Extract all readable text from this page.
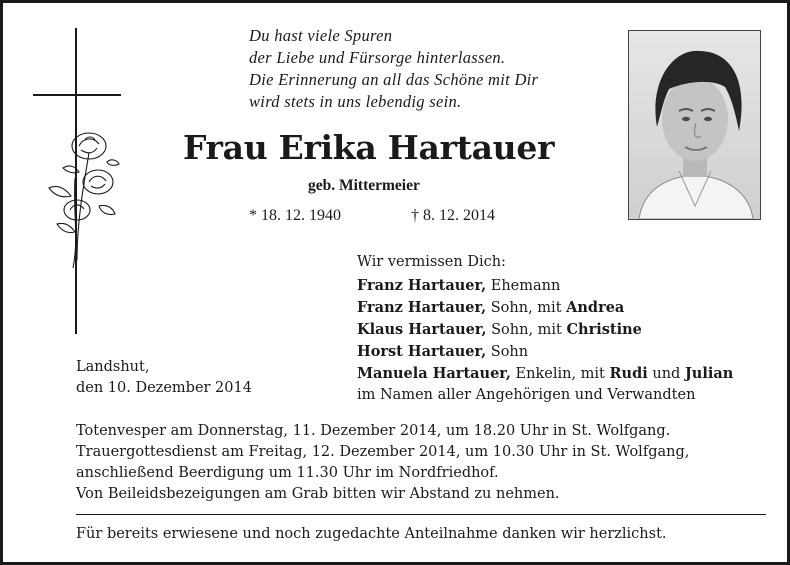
Du hast viele Spuren
der Liebe und Fürsorge hinterlassen.
Die Erinnerung an all das Schöne mit Dir
wird stets in uns lebendig sein.
Frau Erika Hartauer
geb. Mittermeier
* 18. 12. 1940	† 8. 12. 2014
Wir vermissen Dich:
Franz Hartauer, Ehemann
Franz Hartauer, Sohn, mit Andrea
Klaus Hartauer, Sohn, mit Christine
Horst Hartauer, Sohn
Manuela Hartauer, Enkelin, mit Rudi und Julian
im Namen aller Angehörigen und Verwandten
Landshut,
den 10. Dezember 2014
Totenvesper am Donnerstag, 11. Dezember 2014, um 18.20 Uhr in St. Wolfgang.
Trauergottesdienst am Freitag, 12. Dezember 2014, um 10.30 Uhr in St. Wolfgang,
anschließend Beerdigung um 11.30 Uhr im Nordfriedhof.
Von Beileidsbezeigungen am Grab bitten wir Abstand zu nehmen.
Für bereits erwiesene und noch zugedachte Anteilnahme danken wir herzlichst.
